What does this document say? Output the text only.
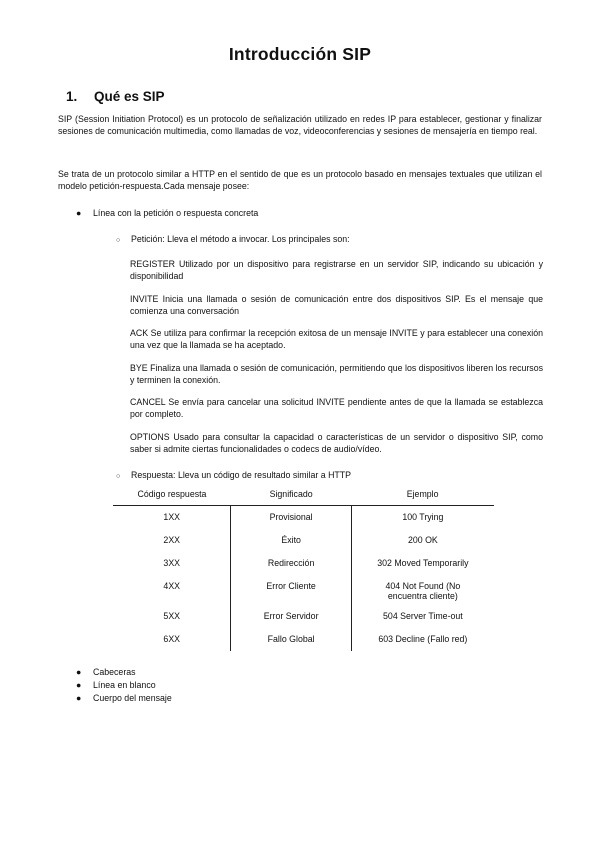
Introducción SIP
1. Qué es SIP
SIP (Session Initiation Protocol) es un protocolo de señalización utilizado en redes IP para establecer, gestionar y finalizar sesiones de comunicación multimedia, como llamadas de voz, videoconferencias y sesiones de mensajería en tiempo real.
Se trata de un protocolo similar a HTTP en el sentido de que es un protocolo basado en mensajes textuales que utilizan el modelo petición-respuesta.Cada mensaje posee:
● Línea con la petición o respuesta concreta
○ Petición: Lleva el método a invocar. Los principales son:
REGISTER Utilizado por un dispositivo para registrarse en un servidor SIP, indicando su ubicación y disponibilidad
INVITE Inicia una llamada o sesión de comunicación entre dos dispositivos SIP. Es el mensaje que comienza una conversación
ACK Se utiliza para confirmar la recepción exitosa de un mensaje INVITE y para establecer una conexión una vez que la llamada se ha aceptado.
BYE Finaliza una llamada o sesión de comunicación, permitiendo que los dispositivos liberen los recursos y terminen la conexión.
CANCEL Se envía para cancelar una solicitud INVITE pendiente antes de que la llamada se establezca por completo.
OPTIONS Usado para consultar la capacidad o características de un servidor o dispositivo SIP, como saber si admite ciertas funcionalidades o codecs de audio/vídeo.
○ Respuesta: Lleva un código de resultado similar a HTTP
Código respuesta	Significado	Ejemplo
1XX	Provisional	100 Trying
2XX	Éxito	200 OK
3XX	Redirección	302 Moved Temporarily
4XX	Error Cliente	404 Not Found (No encuentra cliente)
5XX	Error Servidor	504 Server Time-out
6XX	Fallo Global	603 Decline (Fallo red)
● Cabeceras
● Línea en blanco
● Cuerpo del mensaje
